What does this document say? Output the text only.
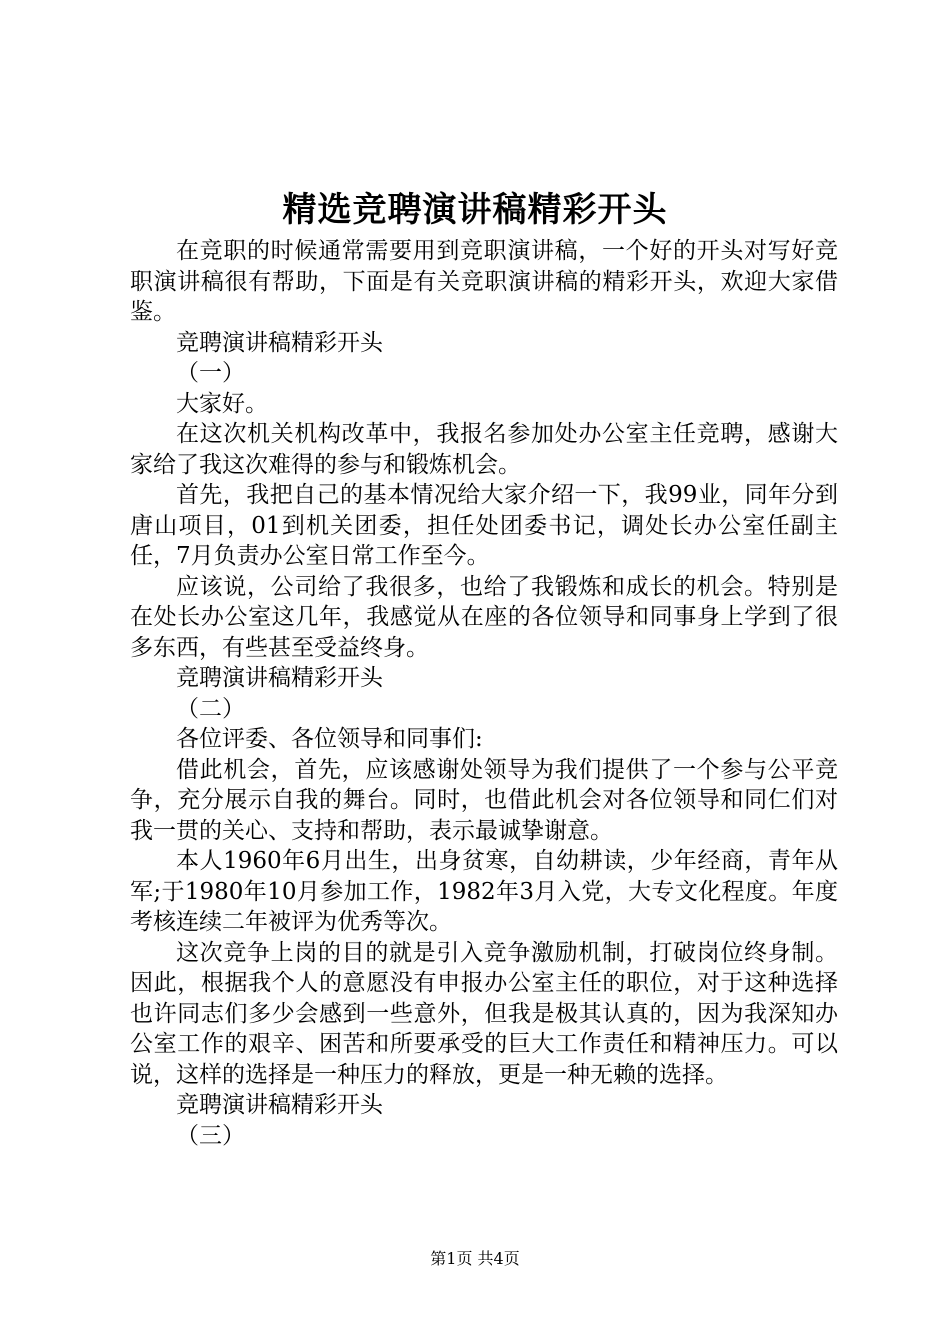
精选竞聘演讲稿精彩开头

在竞职的时候通常需要用到竞职演讲稿，一个好的开头对写好竞职演讲稿很有帮助，下面是有关竞职演讲稿的精彩开头，欢迎大家借鉴。

竞聘演讲稿精彩开头

（一）

大家好。

在这次机关机构改革中，我报名参加处办公室主任竞聘，感谢大家给了我这次难得的参与和锻炼机会。

首先，我把自己的基本情况给大家介绍一下，我99业，同年分到唐山项目，01到机关团委，担任处团委书记，调处长办公室任副主任，7月负责办公室日常工作至今。

应该说，公司给了我很多，也给了我锻炼和成长的机会。特别是在处长办公室这几年，我感觉从在座的各位领导和同事身上学到了很多东西，有些甚至受益终身。

竞聘演讲稿精彩开头

（二）

各位评委、各位领导和同事们:

借此机会，首先，应该感谢处领导为我们提供了一个参与公平竞争，充分展示自我的舞台。同时，也借此机会对各位领导和同仁们对我一贯的关心、支持和帮助，表示最诚挚谢意。

本人1960年6月出生，出身贫寒，自幼耕读，少年经商，青年从军;于1980年10月参加工作，1982年3月入党，大专文化程度。年度考核连续二年被评为优秀等次。

这次竞争上岗的目的就是引入竞争激励机制，打破岗位终身制。因此，根据我个人的意愿没有申报办公室主任的职位，对于这种选择也许同志们多少会感到一些意外，但我是极其认真的，因为我深知办公室工作的艰辛、困苦和所要承受的巨大工作责任和精神压力。可以说，这样的选择是一种压力的释放，更是一种无赖的选择。

竞聘演讲稿精彩开头

（三）

第1页 共4页
